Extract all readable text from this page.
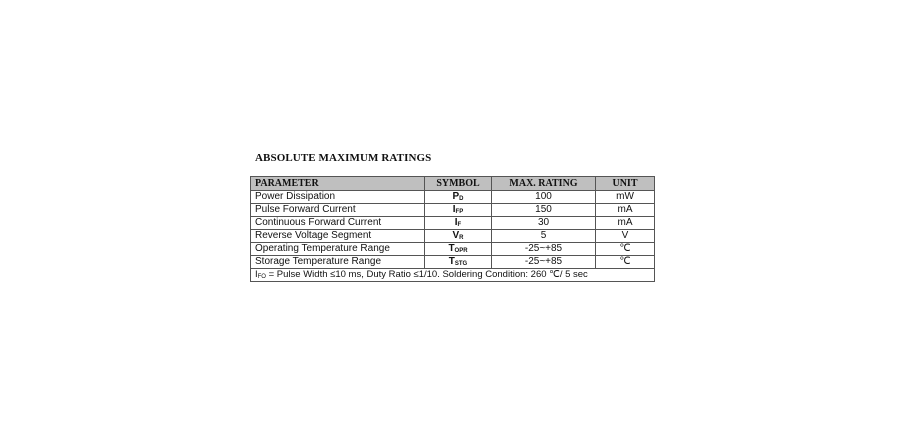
ABSOLUTE MAXIMUM RATINGS
PARAMETER	SYMBOL	MAX. RATING	UNIT
Power Dissipation	$P_D$	100	mW
Pulse Forward Current	$I_{FP}$	150	mA
Continuous Forward Current	$I_F$	30	mA
Reverse Voltage Segment	$V_R$	5	V
Operating Temperature Range	$T_{OPR}$	-25~+85	℃
Storage Temperature Range	$T_{STG}$	-25~+85	℃
$I_{FO}$ = Pulse Width ≤10 ms, Duty Ratio ≤1/10. Soldering Condition: 260 ℃/ 5 sec			
